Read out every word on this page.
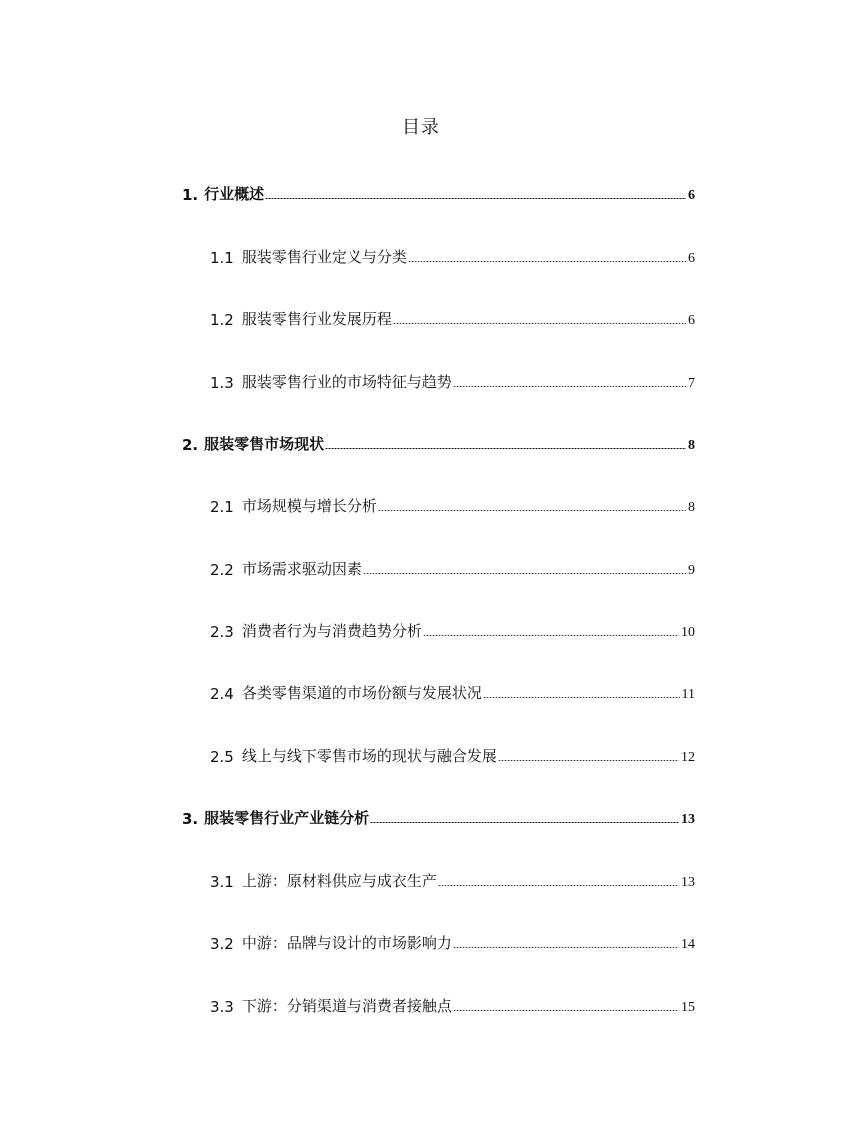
目录
1. 行业概述	6
1.1 服装零售行业定义与分类	6
1.2 服装零售行业发展历程	6
1.3 服装零售行业的市场特征与趋势	7
2. 服装零售市场现状	8
2.1 市场规模与增长分析	8
2.2 市场需求驱动因素	9
2.3 消费者行为与消费趋势分析	10
2.4 各类零售渠道的市场份额与发展状况	11
2.5 线上与线下零售市场的现状与融合发展	12
3. 服装零售行业产业链分析	13
3.1 上游：原材料供应与成衣生产	13
3.2 中游：品牌与设计的市场影响力	14
3.3 下游：分销渠道与消费者接触点	15
